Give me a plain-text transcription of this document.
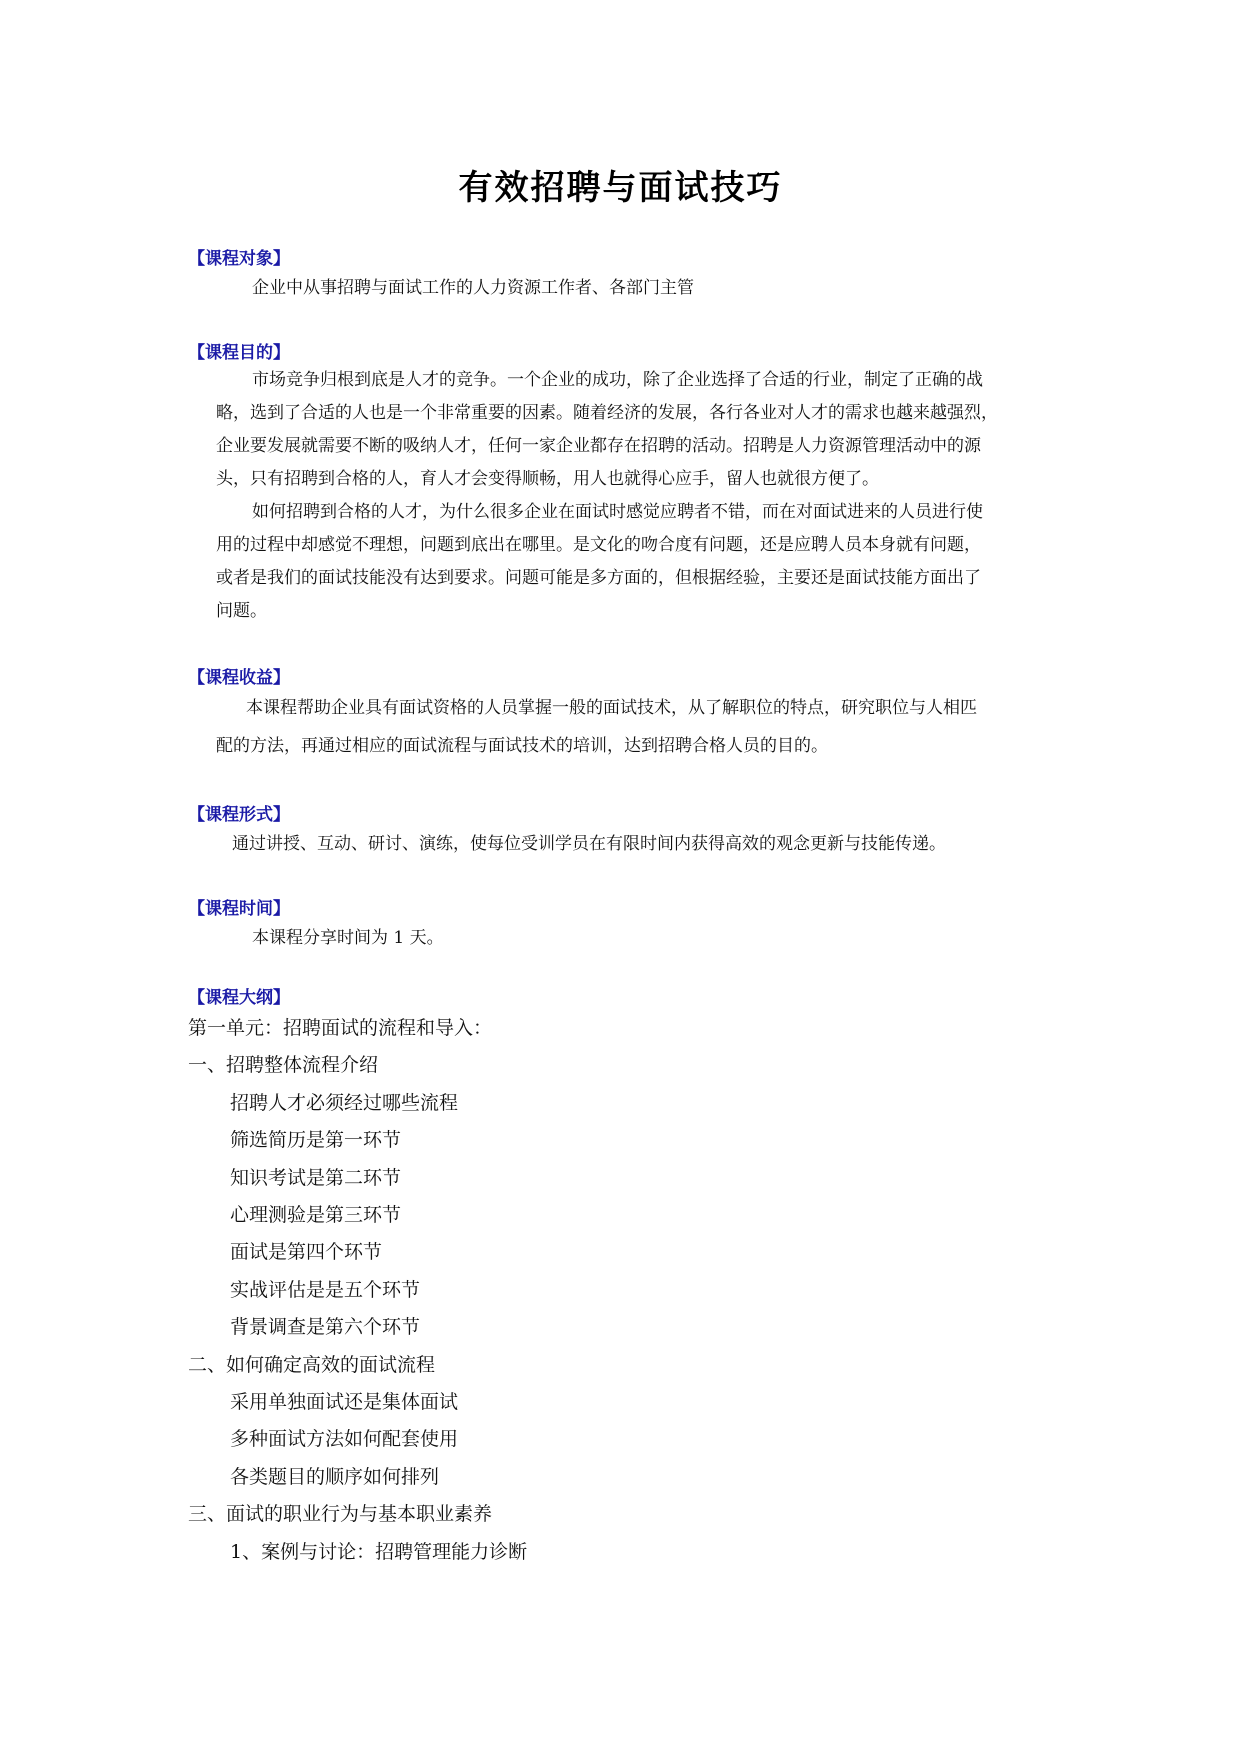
有效招聘与面试技巧
【课程对象】
企业中从事招聘与面试工作的人力资源工作者、各部门主管
【课程目的】
市场竞争归根到底是人才的竞争。一个企业的成功，除了企业选择了合适的行业，制定了正确的战
略，选到了合适的人也是一个非常重要的因素。随着经济的发展，各行各业对人才的需求也越来越强烈，
企业要发展就需要不断的吸纳人才，任何一家企业都存在招聘的活动。招聘是人力资源管理活动中的源
头，只有招聘到合格的人，育人才会变得顺畅，用人也就得心应手，留人也就很方便了。
如何招聘到合格的人才，为什么很多企业在面试时感觉应聘者不错，而在对面试进来的人员进行使
用的过程中却感觉不理想，问题到底出在哪里。是文化的吻合度有问题，还是应聘人员本身就有问题，
或者是我们的面试技能没有达到要求。问题可能是多方面的，但根据经验，主要还是面试技能方面出了
问题。
【课程收益】
本课程帮助企业具有面试资格的人员掌握一般的面试技术，从了解职位的特点，研究职位与人相匹
配的方法，再通过相应的面试流程与面试技术的培训，达到招聘合格人员的目的。
【课程形式】
通过讲授、互动、研讨、演练，使每位受训学员在有限时间内获得高效的观念更新与技能传递。
【课程时间】
本课程分享时间为 1 天。
【课程大纲】
第一单元：招聘面试的流程和导入：
一、招聘整体流程介绍
招聘人才必须经过哪些流程
筛选简历是第一环节
知识考试是第二环节
心理测验是第三环节
面试是第四个环节
实战评估是是五个环节
背景调查是第六个环节
二、如何确定高效的面试流程
采用单独面试还是集体面试
多种面试方法如何配套使用
各类题目的顺序如何排列
三、面试的职业行为与基本职业素养
1、案例与讨论：招聘管理能力诊断
